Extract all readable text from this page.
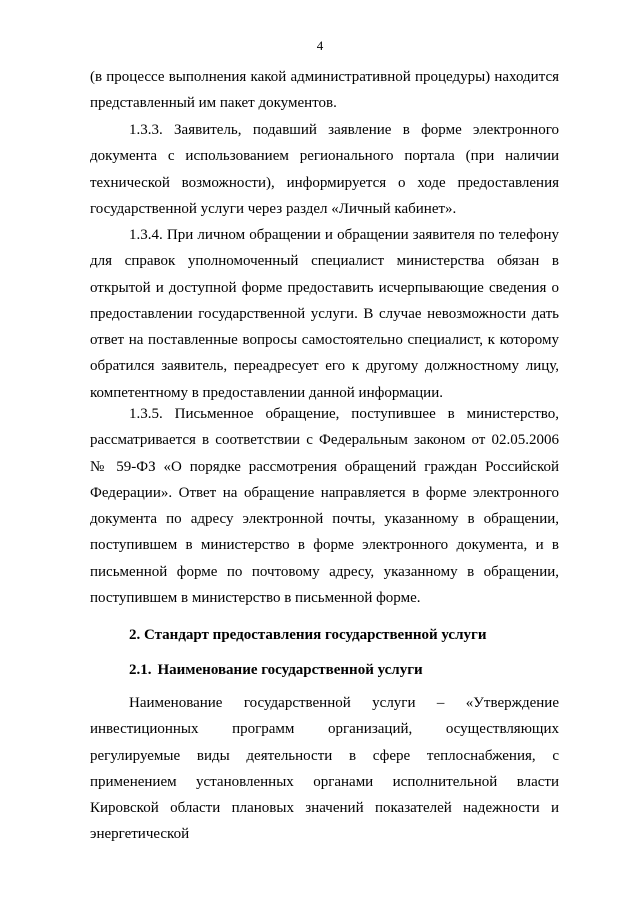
4

(в процессе выполнения какой административной процедуры) находится представленный им пакет документов.

1.3.3. Заявитель, подавший заявление в форме электронного документа с использованием регионального портала (при наличии технической возможности), информируется о ходе предоставления государственной услуги через раздел «Личный кабинет».

1.3.4. При личном обращении и обращении заявителя по телефону для справок уполномоченный специалист министерства обязан в открытой и доступной форме предоставить исчерпывающие сведения о предоставлении государственной услуги. В случае невозможности дать ответ на поставленные вопросы самостоятельно специалист, к которому обратился заявитель, переадресует его к другому должностному лицу, компетентному в предоставлении данной информации.

1.3.5. Письменное обращение, поступившее в министерство, рассматривается в соответствии с Федеральным законом от 02.05.2006 № 59-ФЗ «О порядке рассмотрения обращений граждан Российской Федерации». Ответ на обращение направляется в форме электронного документа по адресу электронной почты, указанному в обращении, поступившем в министерство в форме электронного документа, и в письменной форме по почтовому адресу, указанному в обращении, поступившем в министерство в письменной форме.

2. Стандарт предоставления государственной услуги
2.1. Наименование государственной услуги

Наименование государственной услуги – «Утверждение инвестиционных программ организаций, осуществляющих регулируемые виды деятельности в сфере теплоснабжения, с применением установленных органами исполнительной власти Кировской области плановых значений показателей надежности и энергетической
